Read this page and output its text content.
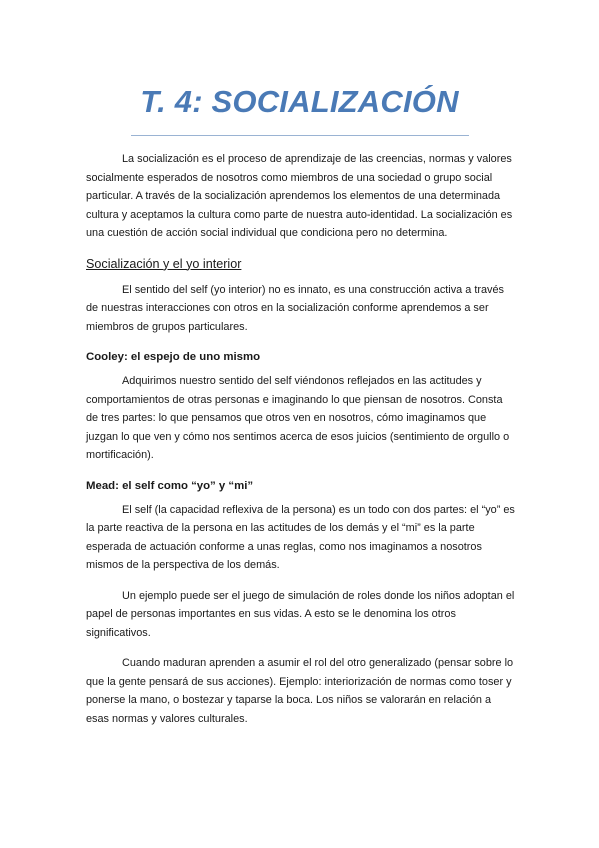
T. 4: SOCIALIZACIÓN

La socialización es el proceso de aprendizaje de las creencias, normas y valores socialmente esperados de nosotros como miembros de una sociedad o grupo social particular. A través de la socialización aprendemos los elementos de una determinada cultura y aceptamos la cultura como parte de nuestra auto-identidad. La socialización es una cuestión de acción social individual que condiciona pero no determina.

Socialización y el yo interior

El sentido del self (yo interior) no es innato, es una construcción activa a través de nuestras interacciones con otros en la socialización conforme aprendemos a ser miembros de grupos particulares.

Cooley: el espejo de uno mismo

Adquirimos nuestro sentido del self viéndonos reflejados en las actitudes y comportamientos de otras personas e imaginando lo que piensan de nosotros. Consta de tres partes: lo que pensamos que otros ven en nosotros, cómo imaginamos que juzgan lo que ven y cómo nos sentimos acerca de esos juicios (sentimiento de orgullo o mortificación).

Mead: el self como “yo” y “mi”

El self (la capacidad reflexiva de la persona) es un todo con dos partes: el “yo” es la parte reactiva de la persona en las actitudes de los demás y el “mi” es la parte esperada de actuación conforme a unas reglas, como nos imaginamos a nosotros mismos de la perspectiva de los demás.

Un ejemplo puede ser el juego de simulación de roles donde los niños adoptan el papel de personas importantes en sus vidas. A esto se le denomina los otros significativos.

Cuando maduran aprenden a asumir el rol del otro generalizado (pensar sobre lo que la gente pensará de sus acciones). Ejemplo: interiorización de normas como toser y ponerse la mano, o bostezar y taparse la boca. Los niños se valorarán en relación a esas normas y valores culturales.
